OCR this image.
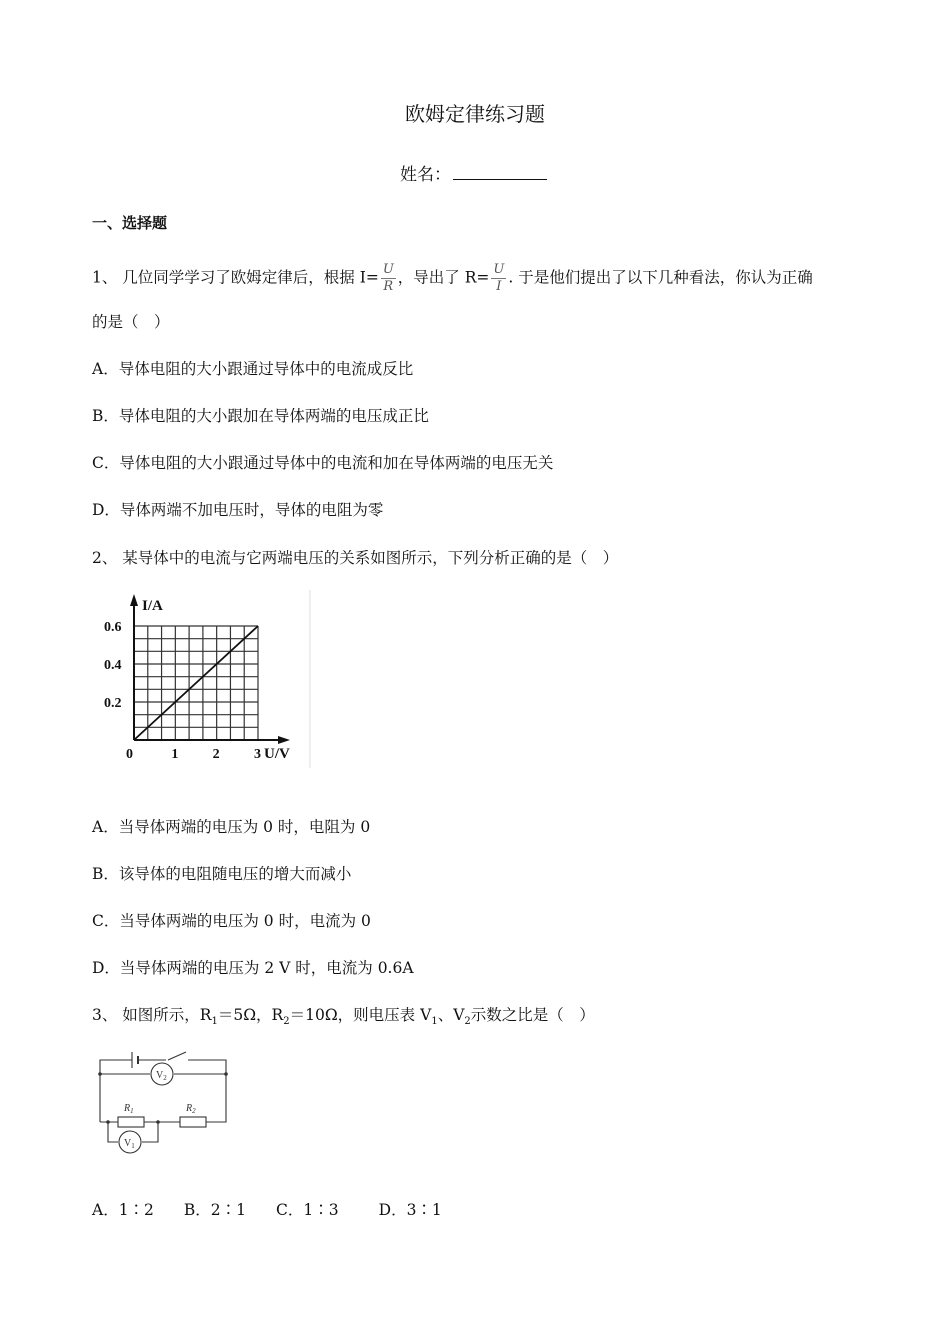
欧姆定律练习题
姓名：
一、选择题
1、 几位同学学习了欧姆定律后，根据 $I= \frac{U}{R}$ ，导出了 $R= \frac{U}{I}$ . 于是他们提出了以下几种看法，你认为正确
的是（　）
A．导体电阻的大小跟通过导体中的电流成反比
B．导体电阻的大小跟加在导体两端的电压成正比
C．导体电阻的大小跟通过导体中的电流和加在导体两端的电压无关
D．导体两端不加电压时，导体的电阻为零
2、 某导体中的电流与它两端电压的关系如图所示，下列分析正确的是（　）
0	1 2 3
0.2
0.4
0.6
I/A
U/V
A．当导体两端的电压为 0 时，电阻为 0
B．该导体的电阻随电压的增大而减小
C．当导体两端的电压为 0 时，电流为 0
D．当导体两端的电压为 2 V 时，电流为 0.6A
3、 如图所示，$R_1=5\Omega$，$R_2=10\Omega$，则电压表 $V_1$、$V_2$示数之比是（　）
$R_1$	$R_2$
$V_2$
$V_1$
A．1∶2 B．2∶1 C．1∶3	D．3∶1
